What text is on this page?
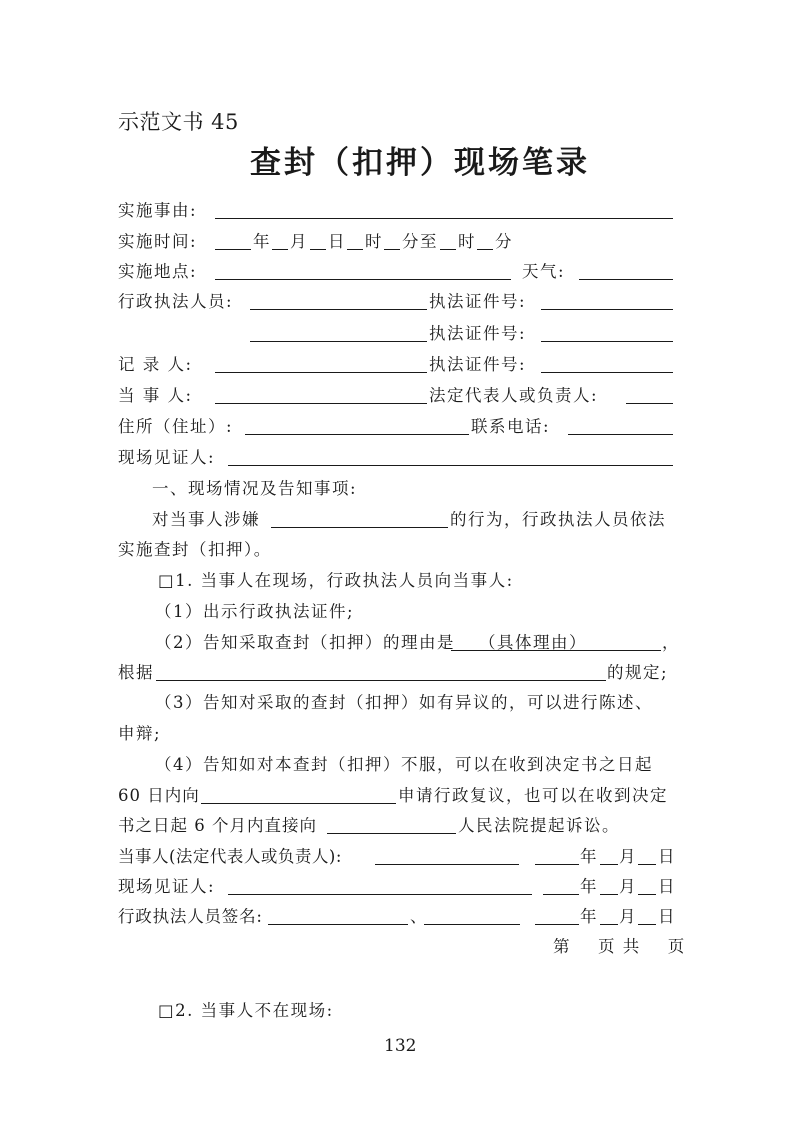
示范文书 45
查封（扣押）现场笔录
实施事由:
实施时间:	年 月 日 时 分至 时 分
实施地点:	天气:
行政执法人员:	执法证件号:
执法证件号:
记 录 人:	执法证件号:
当 事 人:	法定代表人或负责人:
住所（住址）:	联系电话:
现场见证人:
一、现场情况及告知事项:
对当事人涉嫌	的行为，行政执法人员依法
实施查封（扣押）。
□1. 当事人在现场，行政执法人员向当事人:
（1）出示行政执法证件;
（2）告知采取查封（扣押）的理由是	（具体理由）	，
根据	的规定;
（3）告知对采取的查封（扣押）如有异议的，可以进行陈述、
申辩;
（4）告知如对本查封（扣押）不服，可以在收到决定书之日起
60 日内向	申请行政复议，也可以在收到决定
书之日起 6 个月内直接向	人民法院提起诉讼。
当事人(法定代表人或负责人):	年 月 日
现场见证人:	年 月 日
行政执法人员签名:	、	年 月 日
第    页 共    页
□2. 当事人不在现场:
132
